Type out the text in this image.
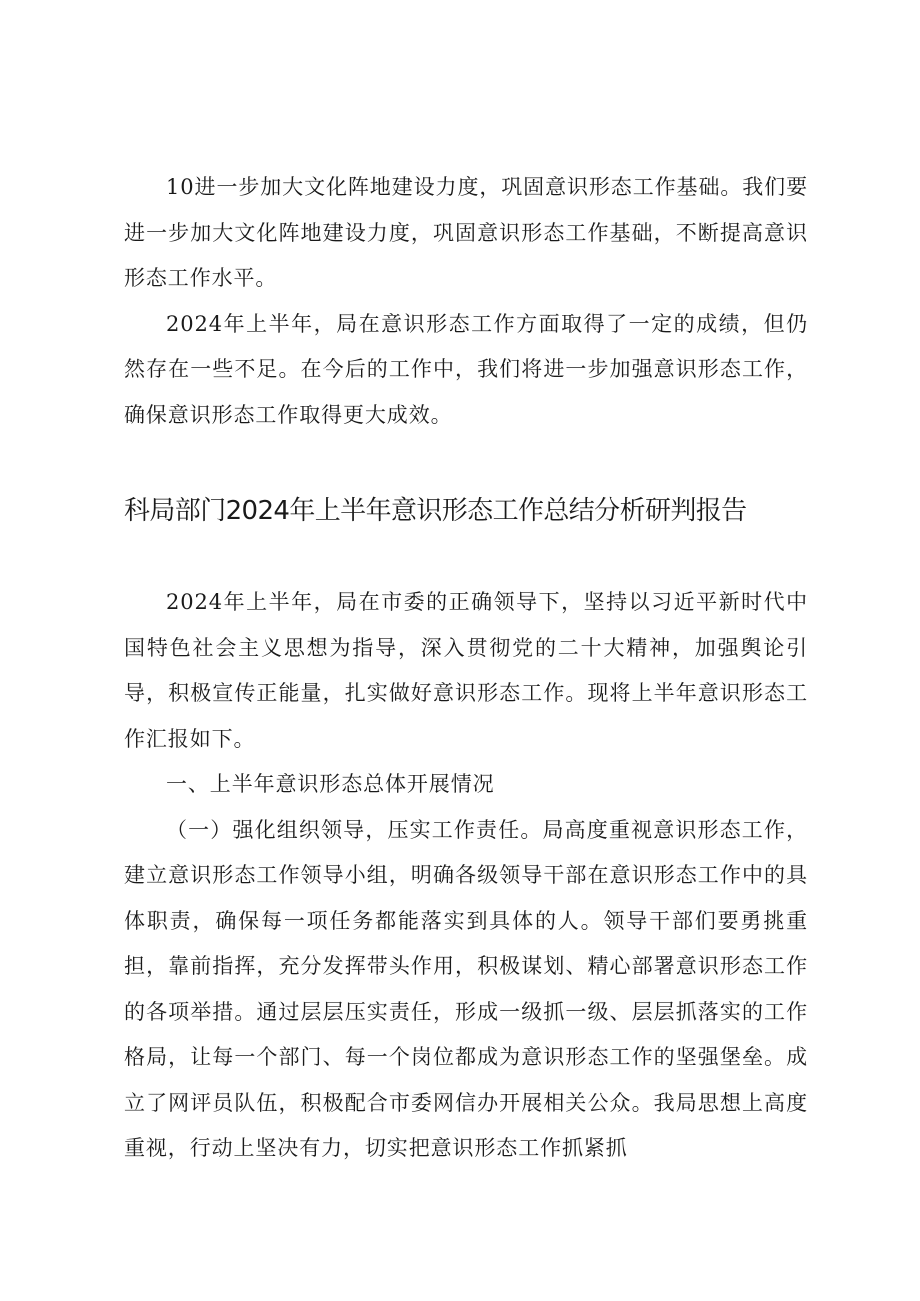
10进一步加大文化阵地建设力度，巩固意识形态工作基础。我们要进一步加大文化阵地建设力度，巩固意识形态工作基础，不断提高意识形态工作水平。

2024年上半年，局在意识形态工作方面取得了一定的成绩，但仍然存在一些不足。在今后的工作中，我们将进一步加强意识形态工作，确保意识形态工作取得更大成效。

科局部门2024年上半年意识形态工作总结分析研判报告

2024年上半年，局在市委的正确领导下，坚持以习近平新时代中国特色社会主义思想为指导，深入贯彻党的二十大精神，加强舆论引导，积极宣传正能量，扎实做好意识形态工作。现将上半年意识形态工作汇报如下。

一、上半年意识形态总体开展情况

（一）强化组织领导，压实工作责任。局高度重视意识形态工作，建立意识形态工作领导小组，明确各级领导干部在意识形态工作中的具体职责，确保每一项任务都能落实到具体的人。领导干部们要勇挑重担，靠前指挥，充分发挥带头作用，积极谋划、精心部署意识形态工作的各项举措。通过层层压实责任，形成一级抓一级、层层抓落实的工作格局，让每一个部门、每一个岗位都成为意识形态工作的坚强堡垒。成立了网评员队伍，积极配合市委网信办开展相关公众。我局思想上高度重视，行动上坚决有力，切实把意识形态工作抓紧抓
